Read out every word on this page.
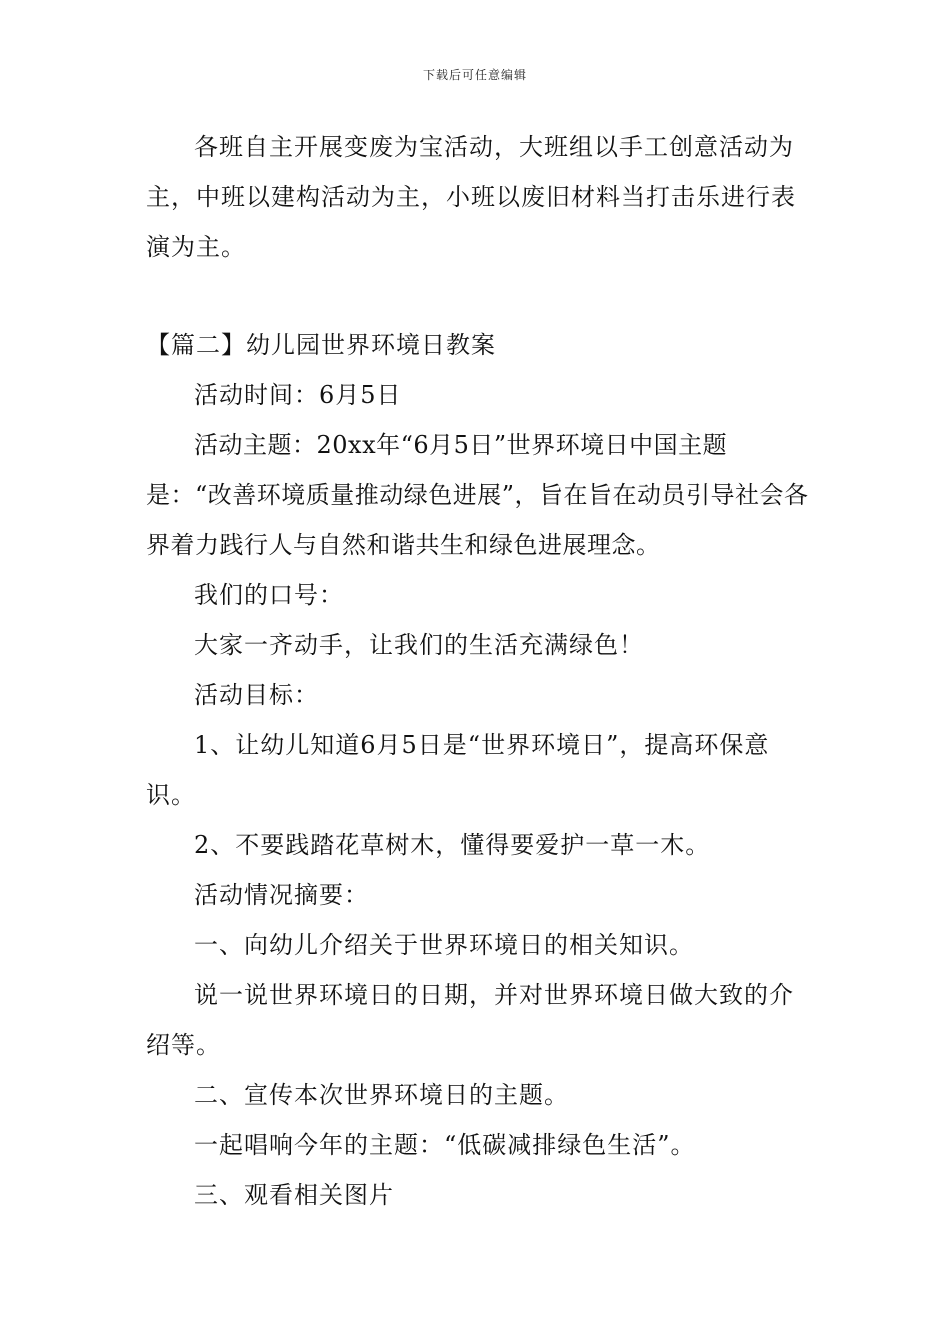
下载后可任意编辑

各班自主开展变废为宝活动，大班组以手工创意活动为主，中班以建构活动为主，小班以废旧材料当打击乐进行表演为主。

【篇二】幼儿园世界环境日教案

活动时间：6月5日

活动主题：20xx年“6月5日”世界环境日中国主题是：“改善环境质量推动绿色进展”，旨在旨在动员引导社会各界着力践行人与自然和谐共生和绿色进展理念。

我们的口号：

大家一齐动手，让我们的生活充满绿色！

活动目标：

1、让幼儿知道6月5日是“世界环境日”，提高环保意识。

2、不要践踏花草树木，懂得要爱护一草一木。

活动情况摘要：

一、向幼儿介绍关于世界环境日的相关知识。

说一说世界环境日的日期，并对世界环境日做大致的介绍等。

二、宣传本次世界环境日的主题。

一起唱响今年的主题：“低碳减排绿色生活”。

三、观看相关图片
